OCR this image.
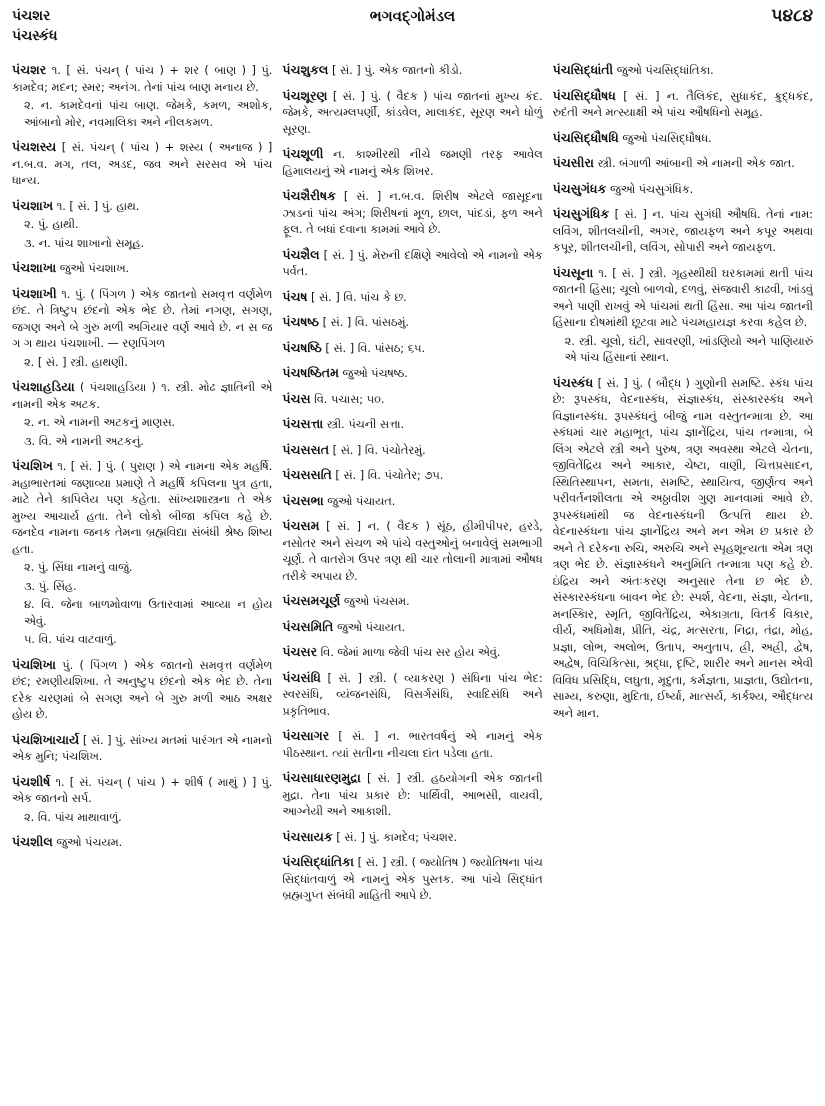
પંચશર
પંચસ્કંધ
ભગવદ્ગોમંડલ	૫૪૮૪
પંચશર ૧. [ સં. પંચન્ ( પાંચ ) + શર ( બાણ ) ] પું. કામદેવ; મદન; સ્મર; અનંગ. તેનાં પાંચ બાણ મનાય છે.
૨. ન. કામદેવનાં પાંચ બાણ. જેમકે, કમળ, અશોક, આંબાનો મોર, નવમાલિકા અને નીલકમળ.
પંચશસ્ય [ સં. પંચન્ ( પાંચ ) + શસ્ય ( અનાજ ) ] ન.બ.વ. મગ, તલ, અડદ, જવ અને સરસવ એ પાંચ ધાન્ય.
પંચશાખ ૧. [ સં. ] પું. હાથ.
૨. પું. હાથી.
૩. ન. પાંચ શાખાનો સમૂહ.
પંચશાખા જુઓ પંચશાખ.
પંચશાખી ૧. પું. ( પિંગળ ) એક જાતનો સમવૃત્ત વર્ણમેળ છંદ. તે ત્રિષ્ટુપ છંદનો એક ભેદ છે. તેમાં નગણ, સગણ, જગણ અને બે ગુરુ મળી અગિયાર વર્ણ આવે છે. ન સ જ ગ ગ થાય પંચશાખી. — રણપિંગળ
૨. [ સં. ] સ્ત્રી. હાથણી.
પંચશાહડિયા ( પંચશાહડિયા ) ૧. સ્ત્રી. મોઢ જ્ઞાતિની એ નામની એક અટક.
૨. ન. એ નામની અટકનું માણસ.
૩. વિ. એ નામની અટકનું.
પંચશિખ ૧. [ સં. ] પું. ( પુરાણ ) એ નામના એક મહર્ષિ. મહાભારતમાં જણાવ્યા પ્રમાણે તે મહર્ષિ કપિલના પુત્ર હતા, માટે તેને કાપિલેય પણ કહેતા. સાંખ્યશાસ્ત્રના તે એક મુખ્ય આચાર્ય હતા. તેને લોકો બીજા કપિલ કહે છે. જનદેવ નામના જનક તેમના બ્રહ્મવિદ્યા સંબંધી શ્રેષ્ઠ શિષ્ય હતા.
૨. પું. સિંધા નામનું વાજું.
૩. પું. સિંહ.
૪. વિ. જેના બાળમોવાળા ઉતારવામાં આવ્યા ન હોય એવું.
૫. વિ. પાંચ વાટવાળું.
પંચશિખા પું. ( પિંગળ ) એક જાતનો સમવૃત્ત વર્ણમેળ છંદ; રમણીયશિખા. તે અનુષ્ટુપ છંદનો એક ભેદ છે. તેના દરેક ચરણમાં બે સગણ અને બે ગુરુ મળી આઠ અક્ષર હોય છે.
પંચશિખાચાર્ય [ સં. ] પું. સાંખ્ય મતમાં પારંગત એ નામનો એક મુનિ; પંચશિખ.
પંચશીર્ષ ૧. [ સં. પંચન્ ( પાંચ ) + શીર્ષ ( માથું ) ] પું. એક જાતનો સર્પ.
૨. વિ. પાંચ માથાવાળું.
પંચશીલ જુઓ પંચયમ.
પંચશુકલ [ સં. ] પું. એક જાતનો કીડો.
પંચશૂરણ [ સં. ] પું. ( વૈદક ) પાંચ જાતનાં મુખ્ય કંદ. જેમકે, અત્યમ્લપર્ણી, કાંડવેલ, માલાકંદ, સૂરણ અને ધોળું સૂરણ.
પંચશૂળી ન. કાશ્મીરથી નીચે જમણી તરફ આવેલ હિમાલયનું એ નામનું એક શિખર.
પંચશૈરીષક [ સં. ] ન.બ.વ. શિરીષ એટલે જાસૂદના ઝાડનાં પાંચ અંગ; શિરીષનાં મૂળ, છાલ, પાંદડાં, ફળ અને ફૂલ. તે બધાં દવાના કામમાં આવે છે.
પંચશૈલ [ સં. ] પું. મેરુની દક્ષિણે આવેલો એ નામનો એક પર્વત.
પંચષ [ સં. ] વિ. પાંચ કે છ.
પંચષષ્ઠ [ સં. ] વિ. પાંસઠમું.
પંચષષ્ઠિ [ સં. ] વિ. પાંસઠ; ૬૫.
પંચષષ્ઠિતમ જુઓ પંચષષ્ઠ.
પંચસ વિ. પચાસ; ૫૦.
પંચસત્તા સ્ત્રી. પંચની સત્તા.
પંચસસત [ સં. ] વિ. પંચોતેરમું.
પંચસસતિ [ સં. ] વિ. પંચોતેર; ૭૫.
પંચસભા જુઓ પંચાયત.
પંચસમ [ સં. ] ન. ( વૈદક ) સૂંઠ, હીમીપીપર, હરડે, નસોતર અને સંચળ એ પાંચે વસ્તુઓનું બનાવેલું સમભાગી ચૂર્ણ. તે વાતરોગ ઉપર ત્રણ થી ચાર તોલાની માત્રામાં ઔષધ તરીકે અપાય છે.
પંચસમચૂર્ણ જુઓ પંચસમ.
પંચસમિતિ જુઓ પંચાયત.
પંચસર વિ. જેમાં માળા જેવી પાંચ સર હોય એવું.
પંચસંધિ [ સં. ] સ્ત્રી. ( વ્યાકરણ ) સંધિના પાંચ ભેદ: સ્વરસંધિ, વ્યંજનસંધિ, વિસર્ગસંધિ, સ્વાદિસંધિ અને પ્રકૃતિભાવ.
પંચસાગર [ સં. ] ન. ભારતવર્ષનું એ નામનું એક પીઠસ્થાન. ત્યાં સતીના નીચલા દાંત પડેલા હતા.
પંચસાધારણમુદ્રા [ સં. ] સ્ત્રી. હઠયોગની એક જાતની મુદ્રા. તેના પાંચ પ્રકાર છે: પાર્થિવી, આભસી, વાયવી, આગ્નેયી અને આકાશી.
પંચસાયક [ સં. ] પું. કામદેવ; પંચશર.
પંચસિદ્ધાંતિકા [ સં. ] સ્ત્રી. ( જ્યોતિષ ) જ્યોતિષના પાંચ સિદ્ધાંતવાળું એ નામનું એક પુસ્તક. આ પાંચે સિદ્ધાંત બ્રહ્મગુપ્ત સંબંધી માહિતી આપે છે.
પંચસિદ્ધાંતી જુઓ પંચસિદ્ધાંતિકા.
પંચસિદ્ધૌષધ [ સં. ] ન. તૈલિકંદ, સુધાકંદ, ક્રુદ્ધકંદ, રુદંતી અને મત્સ્યાક્ષી એ પાંચ ઔષધિનો સમૂહ.
પંચસિદ્ધૌષધિ જુઓ પંચસિદ્ધૌષધ.
પંચસીરા સ્ત્રી. બંગાળી આંબાની એ નામની એક જાત.
પંચસુગંધક જુઓ પંચસુગંધિક.
પંચસુગંધિક [ સં. ] ન. પાંચ સુગંધી ઔષધિ. તેનાં નામ: લવિંગ, શીતલચીની, અગર, જાયફળ અને કપૂર અથવા કપૂર, શીતલચીની, લવિંગ, સોપારી અને જાયફળ.
પંચસૂના ૧. [ સં. ] સ્ત્રી. ગૃહસ્થીથી ઘરકામમાં થતી પાંચ જાતની હિંસા; ચૂલો બાળવો, દળવું, સંજવારી કાઢવી, ખાંડવું અને પાણી રાખવું એ પાંચમાં થતી હિંસા. આ પાંચ જાતની હિંસાના દોષમાંથી છૂટવા માટે પંચમહાયજ્ઞ કરવા કહેલ છે.
૨. સ્ત્રી. ચૂલો, ઘંટી, સાવરણી, ખાંડણિયો અને પાણિયારું એ પાંચ હિંસાનાં સ્થાન.
પંચસ્કંધ [ સં. ] પું. ( બૌદ્ધ ) ગુણોની સમષ્ટિ. સ્કંધ પાંચ છે: રૂપસ્કંધ, વેદનાસ્કંધ, સંજ્ઞાસ્કંધ, સંસ્કારસ્કંધ અને વિજ્ઞાનસ્કંધ. રૂપસ્કંધનું બીજું નામ વસ્તુતન્માત્રા છે. આ સ્કંધમાં ચાર મહાભૂત, પાંચ જ્ઞાનેંદ્રિય, પાંચ તન્માત્રા, બે લિંગ એટલે સ્ત્રી અને પુરુષ, ત્રણ અવસ્થા એટલે ચેતના, જીવિતેંદ્રિય અને આકાર, ચેષ્ટા, વાણી, ચિત્તપ્રસાદન, સ્થિતિસ્થાપન, સમતા, સમષ્ટિ, સ્થાયિત્વ, જીર્ણત્વ અને પરીવર્તનશીલતા એ અઠ્ઠાવીશ ગુણ માનવામાં આવે છે. રૂપસ્કંધમાંથી જ વેદનાસ્કંધની ઉત્પત્તિ થાય છે. વેદનાસ્કંધના પાંચ જ્ઞાનેંદ્રિય અને મન એમ છ પ્રકાર છે અને તે દરેકના રુચિ, અરુચિ અને સ્પૃહશૂન્યતા એમ ત્રણ ત્રણ ભેદ છે. સંજ્ઞાસ્કંધને અનુમિતિ તન્માત્રા પણ કહે છે. ઇંદ્રિય અને અંતઃકરણ અનુસાર તેના છ ભેદ છે. સંસ્કારસ્કંધના બાવન ભેદ છે: સ્પર્શ, વેદના, સંજ્ઞા, ચેતના, મનસ્કિાર, સ્મૃતિ, જીવિતેંદ્રિય, એકાગ્રતા, વિતર્ક વિકાર, વીર્ય, અધિમોક્ષ, પ્રીતિ, ચંદ્ર, મત્સરતા, નિદ્રા, તંદ્રા, મોહ, પ્રજ્ઞા, લોભ, અલોભ, ઉતાપ, અનુતાપ, હ્રી, અહ્રી, દ્વેષ, અદ્વેષ, વિચિકિત્સા, શ્રદ્ધા, દૃષ્ટિ, શારીર અને માનસ એવી વિવિધ પ્રસિદ્ધિ, લઘુતા, મૃદુતા, કર્મજ્ઞતા, પ્રાજ્ઞતા, ઉદ્યોતના, સામ્ય, કરુણા, મુદિતા, ઈર્ષ્યા, માત્સર્ય, કાર્કશ્ય, ઔદ્ધત્ય અને માન.
